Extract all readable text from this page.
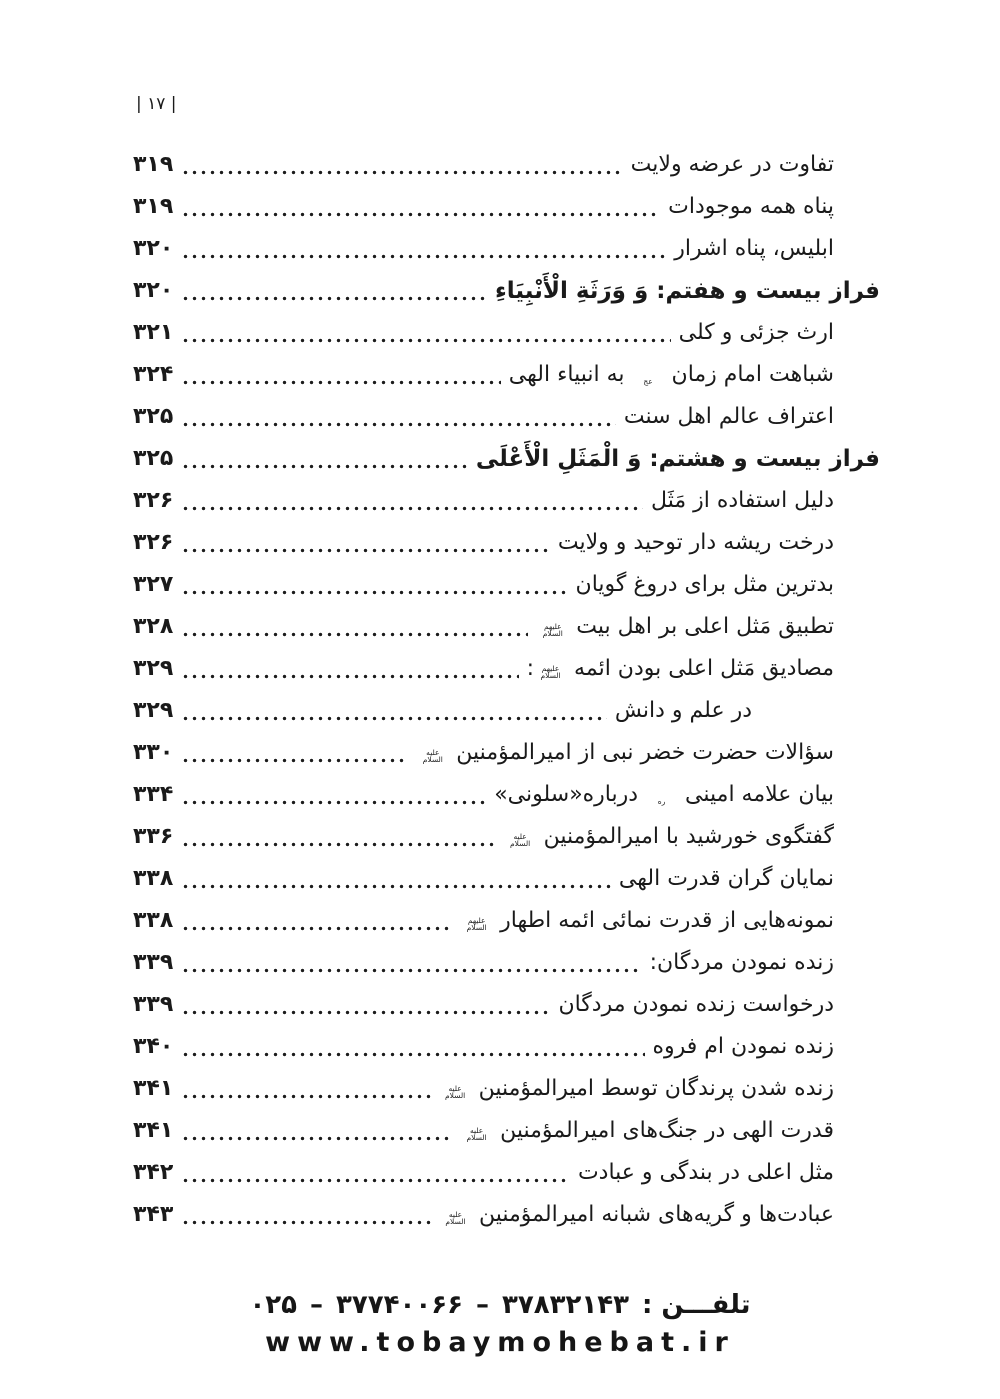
| ۱۷ |
تفاوت در عرضه ولایت
۳۱۹
پناه همه موجودات
۳۱۹
ابلیس، پناه اشرار
۳۲۰
فراز بیست و هفتم: وَ وَرَثَةِ الْأَنْبِيَاءِ
۳۲۰
ارث جزئی و کلی
۳۲۱
شباهت امام زمان عج به انبیاء الهی
۳۲۴
اعتراف عالم اهل سنت
۳۲۵
فراز بیست و هشتم: وَ الْمَثَلِ الْأَعْلَى
۳۲۵
دلیل استفاده از مَثَل
۳۲۶
درخت ریشه دار توحید و ولایت
۳۲۶
بدترین مثل برای دروغ گویان
۳۲۷
تطبیق مَثل اعلی بر اهل بیت علیهم السلام
۳۲۸
مصادیق مَثل اعلی بودن ائمه علیهم السلام:
۳۲۹
در علم و دانش
۳۲۹
سؤالات حضرت خضر نبی از امیرالمؤمنین علیه السلام
۳۳۰
بیان علامه امینی ره درباره«سلونی»
۳۳۴
گفتگوی خورشید با امیرالمؤمنین علیه السلام
۳۳۶
نمایان گران قدرت الهی
۳۳۸
نمونه‌هایی از قدرت نمائی ائمه اطهار علیهم السلام
۳۳۸
زنده نمودن مردگان:
۳۳۹
درخواست زنده نمودن مردگان
۳۳۹
زنده نمودن ام فروه
۳۴۰
زنده شدن پرندگان توسط امیرالمؤمنین علیه السلام
۳۴۱
قدرت الهی در جنگ‌های امیرالمؤمنین علیه السلام
۳۴۱
مثل اعلی در بندگی و عبادت
۳۴۲
عبادت‌ها و گریه‌های شبانه امیرالمؤمنین علیه السلام
۳۴۳
تلفـــن :
۳۷۸۳۲۱۴۳
–
۳۷۷۴۰۰۶۶
–
۰۲۵
www.tobaymohebat.ir
